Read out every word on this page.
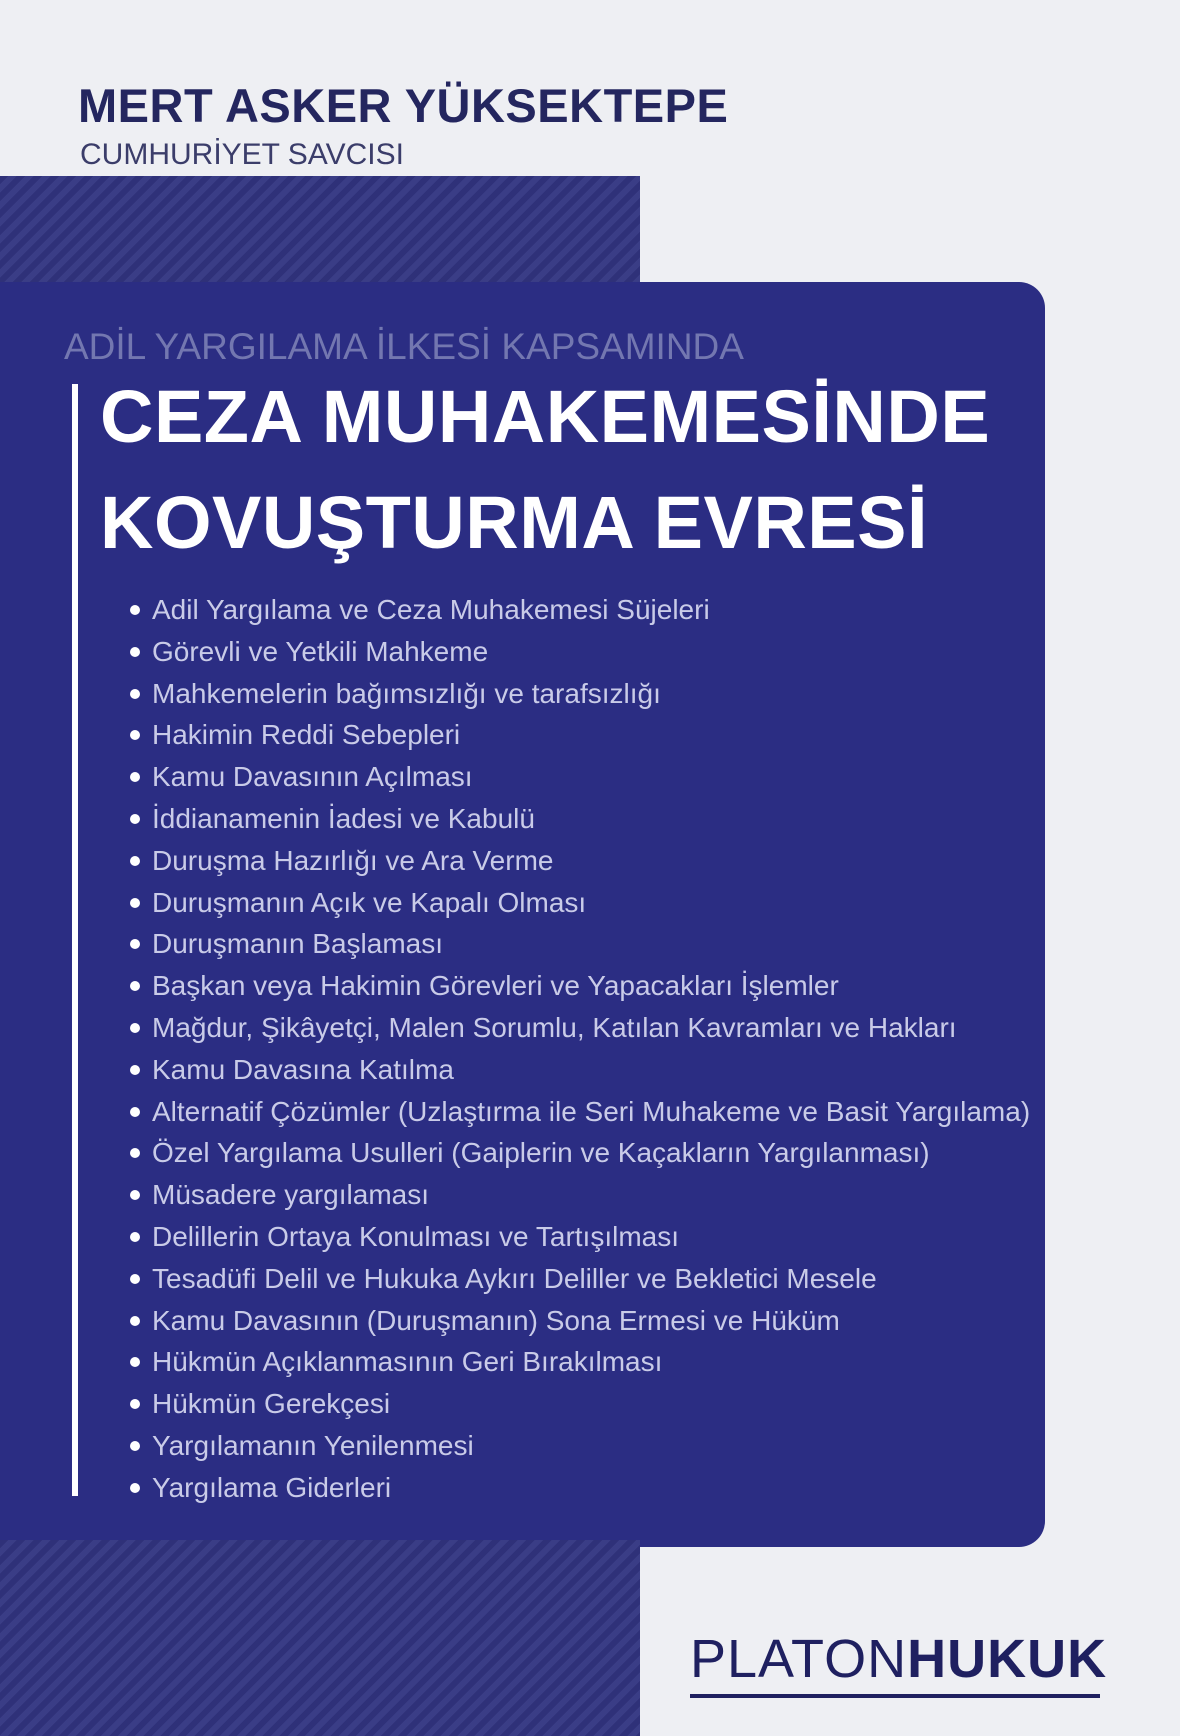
MERT ASKER YÜKSEKTEPE
CUMHURİYET SAVCISI
ADİL YARGILAMA İLKESİ KAPSAMINDA
CEZA MUHAKEMESİNDE
KOVUŞTURMA EVRESİ
Adil Yargılama ve Ceza Muhakemesi Süjeleri
Görevli ve Yetkili Mahkeme
Mahkemelerin bağımsızlığı ve tarafsızlığı
Hakimin Reddi Sebepleri
Kamu Davasının Açılması
İddianamenin İadesi ve Kabulü
Duruşma Hazırlığı ve Ara Verme
Duruşmanın Açık ve Kapalı Olması
Duruşmanın Başlaması
Başkan veya Hakimin Görevleri ve Yapacakları İşlemler
Mağdur, Şikâyetçi, Malen Sorumlu, Katılan Kavramları ve Hakları
Kamu Davasına Katılma
Alternatif Çözümler (Uzlaştırma ile Seri Muhakeme ve Basit Yargılama)
Özel Yargılama Usulleri (Gaiplerin ve Kaçakların Yargılanması)
Müsadere yargılaması
Delillerin Ortaya Konulması ve Tartışılması
Tesadüfi Delil ve Hukuka Aykırı Deliller ve Bekletici Mesele
Kamu Davasının (Duruşmanın) Sona Ermesi ve Hüküm
Hükmün Açıklanmasının Geri Bırakılması
Hükmün Gerekçesi
Yargılamanın Yenilenmesi
Yargılama Giderleri
PLATONHUKUK
